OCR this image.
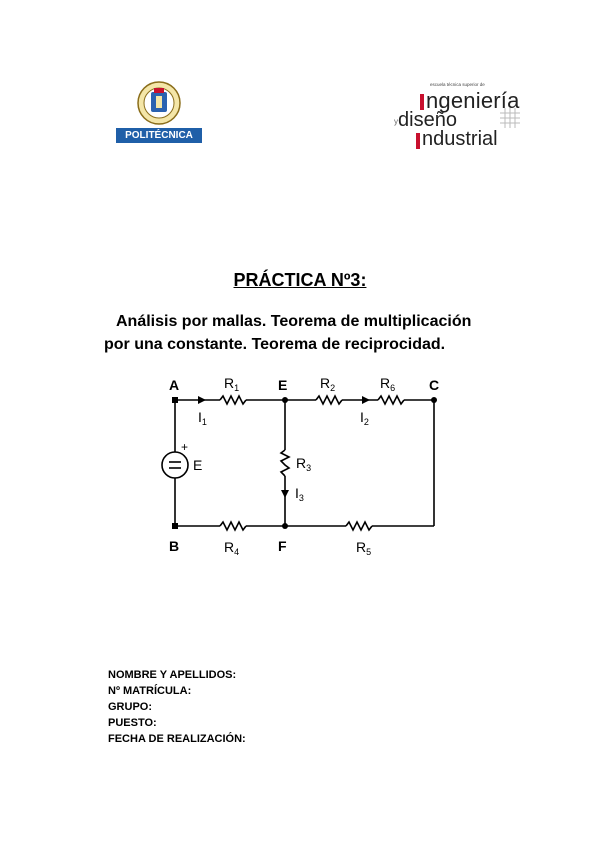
POLITÉCNICA
escuela técnica superior de
ngeniería
y diseño
ndustrial
PRÁCTICA Nº3:
Análisis por mallas. Teorema de multiplicación
por una constante. Teorema de reciprocidad.
+
E
A	E	C
B	F
$R_1$	$R_2$	$R_6$
$R_3$
$R_4$	$R_5$
$I_1$	$I_2$
$I_3$
NOMBRE Y APELLIDOS:
Nº MATRÍCULA:
GRUPO:
PUESTO:
FECHA DE REALIZACIÓN:
